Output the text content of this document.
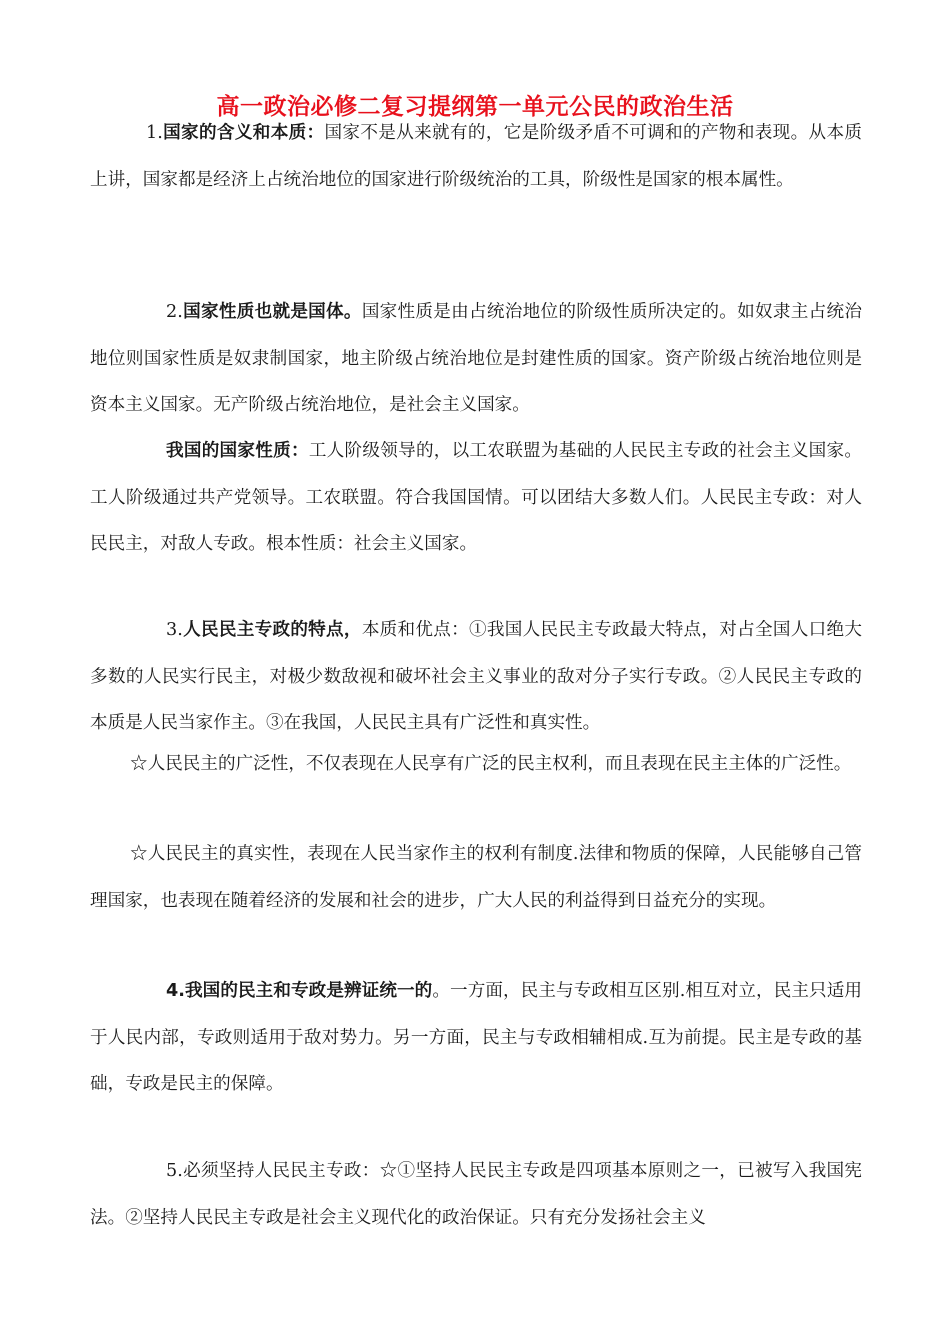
高一政治必修二复习提纲第一单元公民的政治生活

1.国家的含义和本质：国家不是从来就有的，它是阶级矛盾不可调和的产物和表现。从本质上讲，国家都是经济上占统治地位的国家进行阶级统治的工具，阶级性是国家的根本属性。

2.国家性质也就是国体。国家性质是由占统治地位的阶级性质所决定的。如奴隶主占统治地位则国家性质是奴隶制国家，地主阶级占统治地位是封建性质的国家。资产阶级占统治地位则是资本主义国家。无产阶级占统治地位，是社会主义国家。

我国的国家性质：工人阶级领导的，以工农联盟为基础的人民民主专政的社会主义国家。工人阶级通过共产党领导。工农联盟。符合我国国情。可以团结大多数人们。人民民主专政：对人民民主，对敌人专政。根本性质：社会主义国家。

3.人民民主专政的特点，本质和优点：①我国人民民主专政最大特点，对占全国人口绝大多数的人民实行民主，对极少数敌视和破坏社会主义事业的敌对分子实行专政。②人民民主专政的本质是人民当家作主。③在我国，人民民主具有广泛性和真实性。

☆人民民主的广泛性，不仅表现在人民享有广泛的民主权利，而且表现在民主主体的广泛性。

☆人民民主的真实性，表现在人民当家作主的权利有制度.法律和物质的保障，人民能够自己管理国家，也表现在随着经济的发展和社会的进步，广大人民的利益得到日益充分的实现。

4.我国的民主和专政是辨证统一的。一方面，民主与专政相互区别.相互对立，民主只适用于人民内部，专政则适用于敌对势力。另一方面，民主与专政相辅相成.互为前提。民主是专政的基础，专政是民主的保障。

5.必须坚持人民民主专政：☆①坚持人民民主专政是四项基本原则之一，已被写入我国宪法。②坚持人民民主专政是社会主义现代化的政治保证。只有充分发扬社会主义
